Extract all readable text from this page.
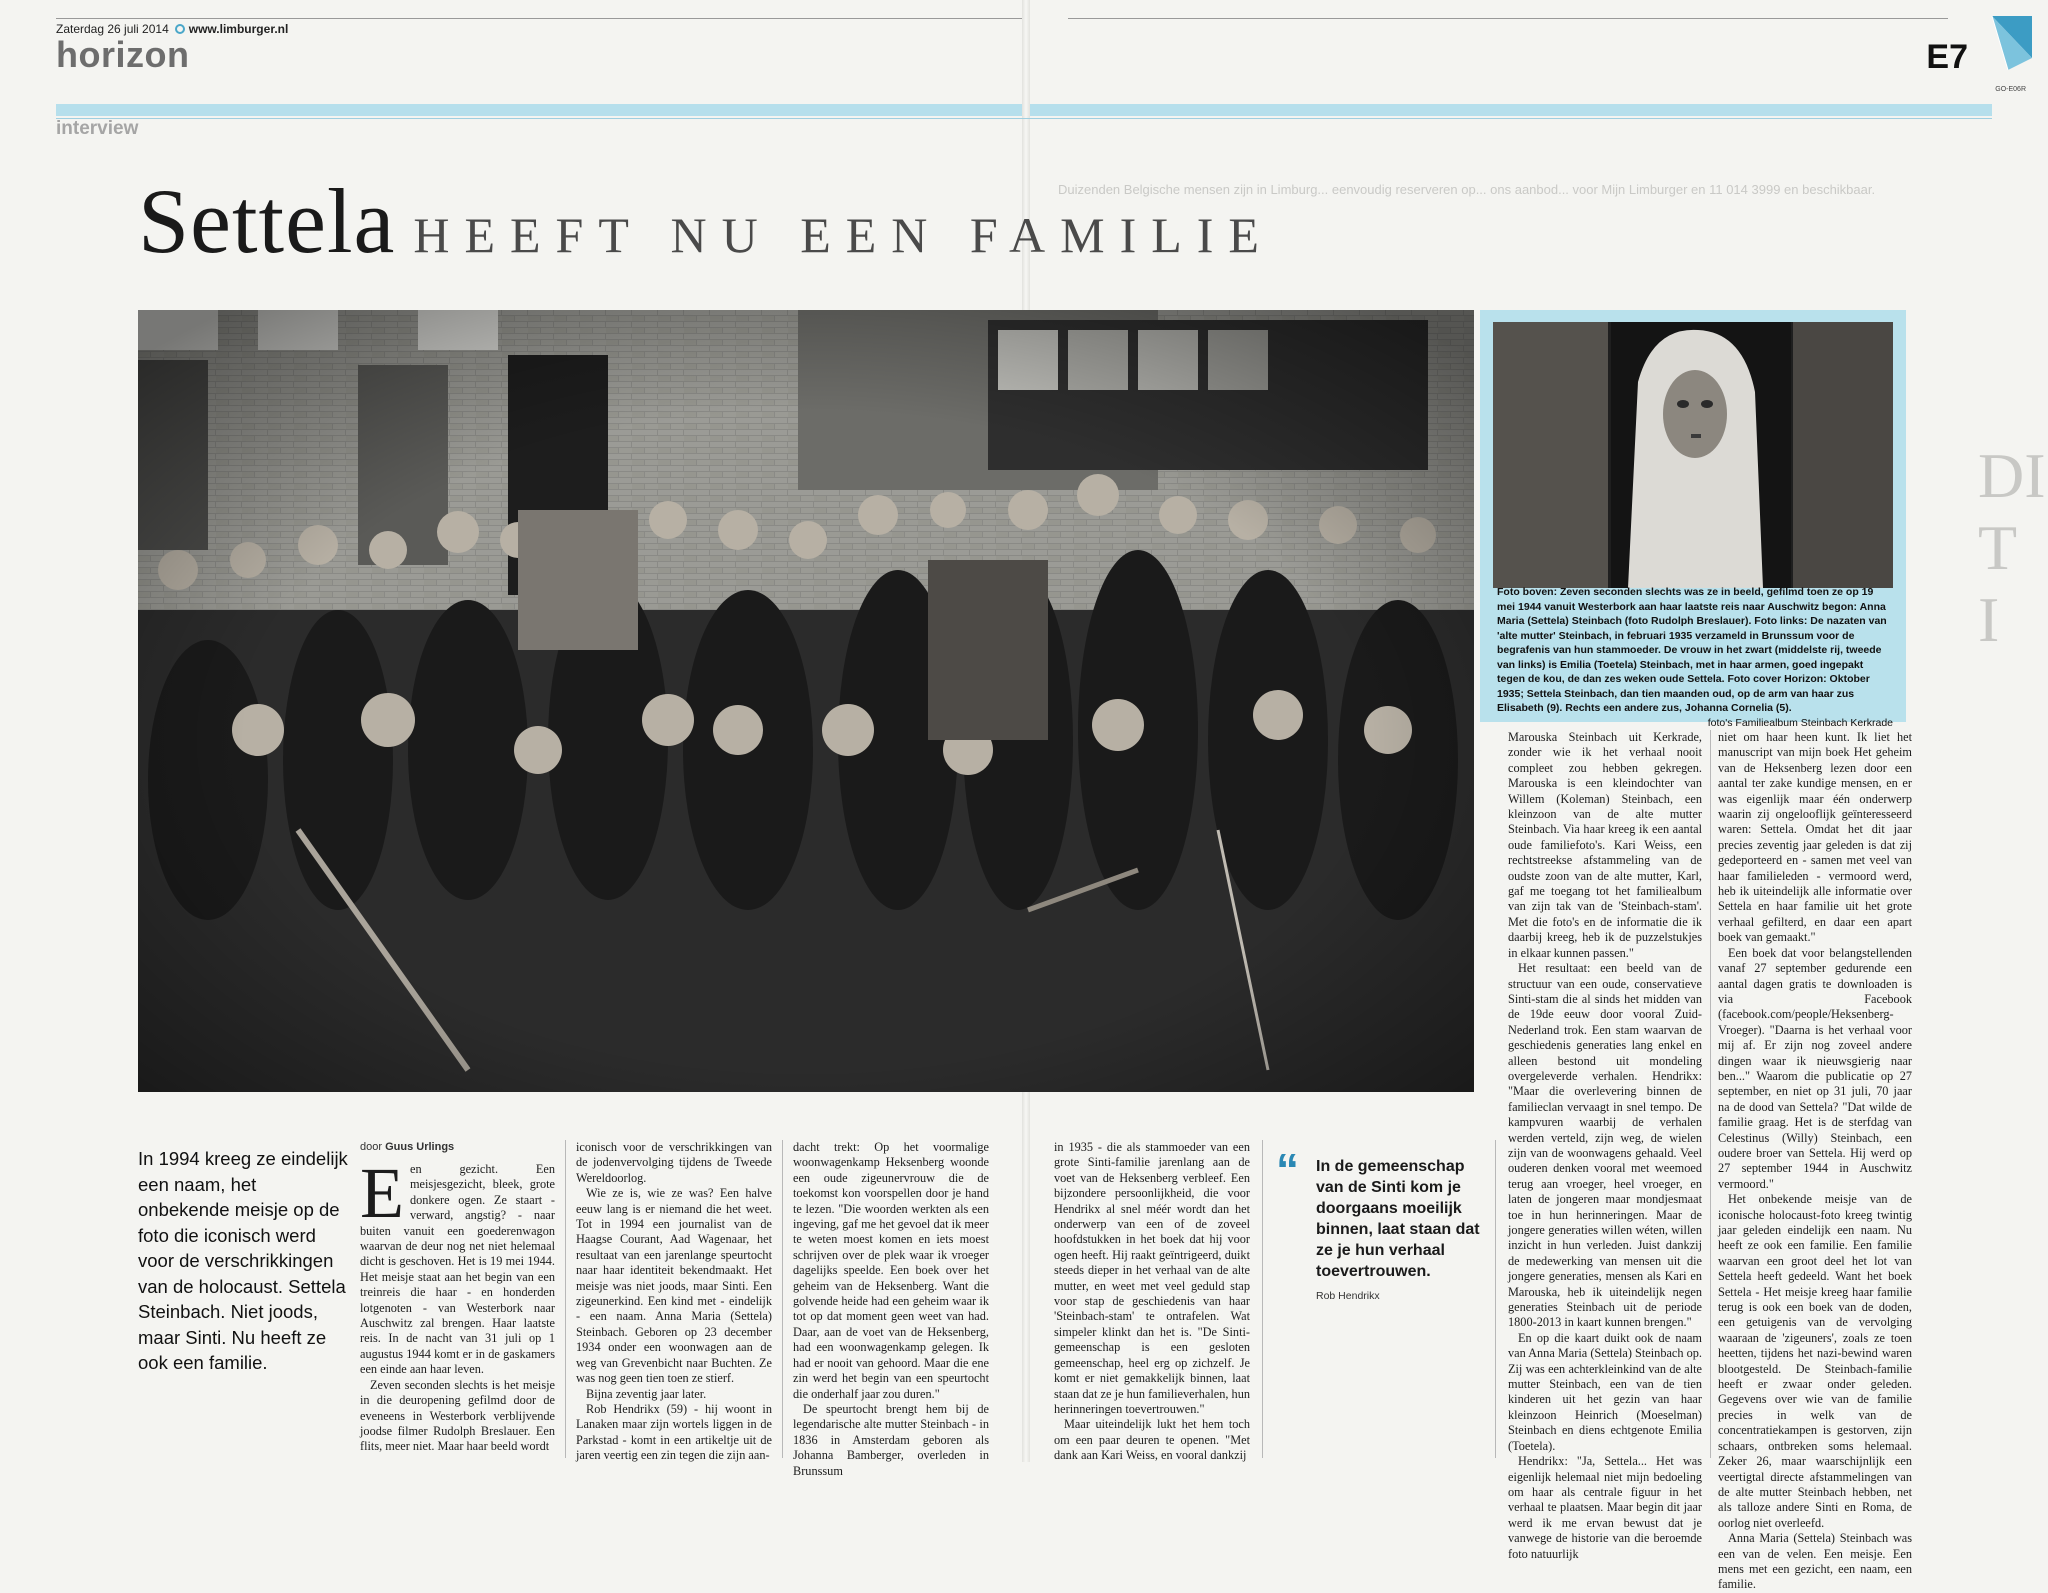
Zaterdag 26 juli 2014 www.limburger.nl
horizon	E7
GO-E06R
interview
Duizenden Belgische mensen zijn in Limburg... eenvoudig reserveren op... ons aanbod... voor Mijn Limburger en 11 014 3999 en beschikbaar.
DI T I
Settela HEEFT NU EEN FAMILIE
Foto boven: Zeven seconden slechts was ze in beeld, gefilmd toen ze op 19 mei 1944 vanuit Westerbork aan haar laatste reis naar Auschwitz begon: Anna Maria (Settela) Steinbach (foto Rudolph Breslauer). Foto links: De nazaten van 'alte mutter' Steinbach, in februari 1935 verzameld in Brunssum voor de begrafenis van hun stammoeder. De vrouw in het zwart (middelste rij, tweede van links) is Emilia (Toetela) Steinbach, met in haar armen, goed ingepakt tegen de kou, de dan zes weken oude Settela. Foto cover Horizon: Oktober 1935; Settela Steinbach, dan tien maanden oud, op de arm van haar zus Elisabeth (9). Rechts een andere zus, Johanna Cornelia (5).
foto's Familiealbum Steinbach Kerkrade
In 1994 kreeg ze eindelijk een naam, het onbekende meisje op de foto die iconisch werd voor de verschrikkingen van de holocaust. Settela Steinbach. Niet joods, maar Sinti. Nu heeft ze ook een familie.
door Guus Urlings

Een gezicht. Een meisjesgezicht, bleek, grote donkere ogen. Ze staart - verward, angstig? - naar buiten vanuit een goederenwagon waarvan de deur nog net niet helemaal dicht is geschoven. Het is 19 mei 1944. Het meisje staat aan het begin van een treinreis die haar - en honderden lotgenoten - van Westerbork naar Auschwitz zal brengen. Haar laatste reis. In de nacht van 31 juli op 1 augustus 1944 komt er in de gaskamers een einde aan haar leven.

Zeven seconden slechts is het meisje in die deuropening gefilmd door de eveneens in Westerbork verblijvende joodse filmer Rudolph Breslauer. Een flits, meer niet. Maar haar beeld wordt

iconisch voor de verschrikkingen van de jodenvervolging tijdens de Tweede Wereldoorlog.

Wie ze is, wie ze was? Een halve eeuw lang is er niemand die het weet. Tot in 1994 een journalist van de Haagse Courant, Aad Wagenaar, het resultaat van een jarenlange speurtocht naar haar identiteit bekendmaakt. Het meisje was niet joods, maar Sinti. Een zigeunerkind. Een kind met - eindelijk - een naam. Anna Maria (Settela) Steinbach. Geboren op 23 december 1934 onder een woonwagen aan de weg van Grevenbicht naar Buchten. Ze was nog geen tien toen ze stierf.

Bijna zeventig jaar later.

Rob Hendrikx (59) - hij woont in Lanaken maar zijn wortels liggen in de Parkstad - komt in een artikeltje uit de jaren veertig een zin tegen die zijn aan-

dacht trekt: Op het voormalige woonwagenkamp Heksenberg woonde een oude zigeunervrouw die de toekomst kon voorspellen door je hand te lezen. "Die woorden werkten als een ingeving, gaf me het gevoel dat ik meer te weten moest komen en iets moest schrijven over de plek waar ik vroeger dagelijks speelde. Een boek over het geheim van de Heksenberg. Want die golvende heide had een geheim waar ik tot op dat moment geen weet van had. Daar, aan de voet van de Heksenberg, had een woonwagenkamp gelegen. Ik had er nooit van gehoord. Maar die ene zin werd het begin van een speurtocht die onderhalf jaar zou duren."

De speurtocht brengt hem bij de legendarische alte mutter Steinbach - in 1836 in Amsterdam geboren als Johanna Bamberger, overleden in Brunssum

in 1935 - die als stammoeder van een grote Sinti-familie jarenlang aan de voet van de Heksenberg verbleef. Een bijzondere persoonlijkheid, die voor Hendrikx al snel méér wordt dan het onderwerp van een of de zoveel hoofdstukken in het boek dat hij voor ogen heeft. Hij raakt geïntrigeerd, duikt steeds dieper in het verhaal van de alte mutter, en weet met veel geduld stap voor stap de geschiedenis van haar 'Steinbach-stam' te ontrafelen. Wat simpeler klinkt dan het is. "De Sinti-gemeenschap is een gesloten gemeenschap, heel erg op zichzelf. Je komt er niet gemakkelijk binnen, laat staan dat ze je hun familieverhalen, hun herinneringen toevertrouwen."

Maar uiteindelijk lukt het hem toch om een paar deuren te openen. "Met dank aan Kari Weiss, en vooral dankzij

“ In de gemeenschap van de Sinti kom je doorgaans moeilijk binnen, laat staan dat ze je hun verhaal toevertrouwen.
Rob Hendrikx

Marouska Steinbach uit Kerkrade, zonder wie ik het verhaal nooit compleet zou hebben gekregen. Marouska is een kleindochter van Willem (Koleman) Steinbach, een kleinzoon van de alte mutter Steinbach. Via haar kreeg ik een aantal oude familiefoto's. Kari Weiss, een rechtstreekse afstammeling van de oudste zoon van de alte mutter, Karl, gaf me toegang tot het familiealbum van zijn tak van de 'Steinbach-stam'. Met die foto's en de informatie die ik daarbij kreeg, heb ik de puzzelstukjes in elkaar kunnen passen."

Het resultaat: een beeld van de structuur van een oude, conservatieve Sinti-stam die al sinds het midden van de 19de eeuw door vooral Zuid-Nederland trok. Een stam waarvan de geschiedenis generaties lang enkel en alleen bestond uit mondeling overgeleverde verhalen. Hendrikx: "Maar die overlevering binnen de familieclan vervaagt in snel tempo. De kampvuren waarbij de verhalen werden verteld, zijn weg, de wielen zijn van de woonwagens gehaald. Veel ouderen denken vooral met weemoed terug aan vroeger, heel vroeger, en laten de jongeren maar mondjesmaat toe in hun herinneringen. Maar de jongere generaties willen wéten, willen inzicht in hun verleden. Juist dankzij de medewerking van mensen uit die jongere generaties, mensen als Kari en Marouska, heb ik uiteindelijk negen generaties Steinbach uit de periode 1800-2013 in kaart kunnen brengen."

En op die kaart duikt ook de naam van Anna Maria (Settela) Steinbach op. Zij was een achterkleinkind van de alte mutter Steinbach, een van de tien kinderen uit het gezin van haar kleinzoon Heinrich (Moeselman) Steinbach en diens echtgenote Emilia (Toetela).

Hendrikx: "Ja, Settela... Het was eigenlijk helemaal niet mijn bedoeling om haar als centrale figuur in het verhaal te plaatsen. Maar begin dit jaar werd ik me ervan bewust dat je vanwege de historie van die beroemde foto natuurlijk

niet om haar heen kunt. Ik liet het manuscript van mijn boek Het geheim van de Heksenberg lezen door een aantal ter zake kundige mensen, en er was eigenlijk maar één onderwerp waarin zij ongelooflijk geïnteresseerd waren: Settela. Omdat het dit jaar precies zeventig jaar geleden is dat zij gedeporteerd en - samen met veel van haar familieleden - vermoord werd, heb ik uiteindelijk alle informatie over Settela en haar familie uit het grote verhaal gefilterd, en daar een apart boek van gemaakt."

Een boek dat voor belangstellenden vanaf 27 september gedurende een aantal dagen gratis te downloaden is via Facebook (facebook.com/people/Heksenberg-Vroeger). "Daarna is het verhaal voor mij af. Er zijn nog zoveel andere dingen waar ik nieuwsgierig naar ben..." Waarom die publicatie op 27 september, en niet op 31 juli, 70 jaar na de dood van Settela? "Dat wilde de familie graag. Het is de sterfdag van Celestinus (Willy) Steinbach, een oudere broer van Settela. Hij werd op 27 september 1944 in Auschwitz vermoord."

Het onbekende meisje van de iconische holocaust-foto kreeg twintig jaar geleden eindelijk een naam. Nu heeft ze ook een familie. Een familie waarvan een groot deel het lot van Settela heeft gedeeld. Want het boek Settela - Het meisje kreeg haar familie terug is ook een boek van de doden, een getuigenis van de vervolging waaraan de 'zigeuners', zoals ze toen heetten, tijdens het nazi-bewind waren blootgesteld. De Steinbach-familie heeft er zwaar onder geleden. Gegevens over wie van de familie precies in welk van de concentratiekampen is gestorven, zijn schaars, ontbreken soms helemaal. Zeker 26, maar waarschijnlijk een veertigtal directe afstammelingen van de alte mutter Steinbach hebben, net als talloze andere Sinti en Roma, de oorlog niet overleefd.

Anna Maria (Settela) Steinbach was een van de velen. Een meisje. Een mens met een gezicht, een naam, een familie.
